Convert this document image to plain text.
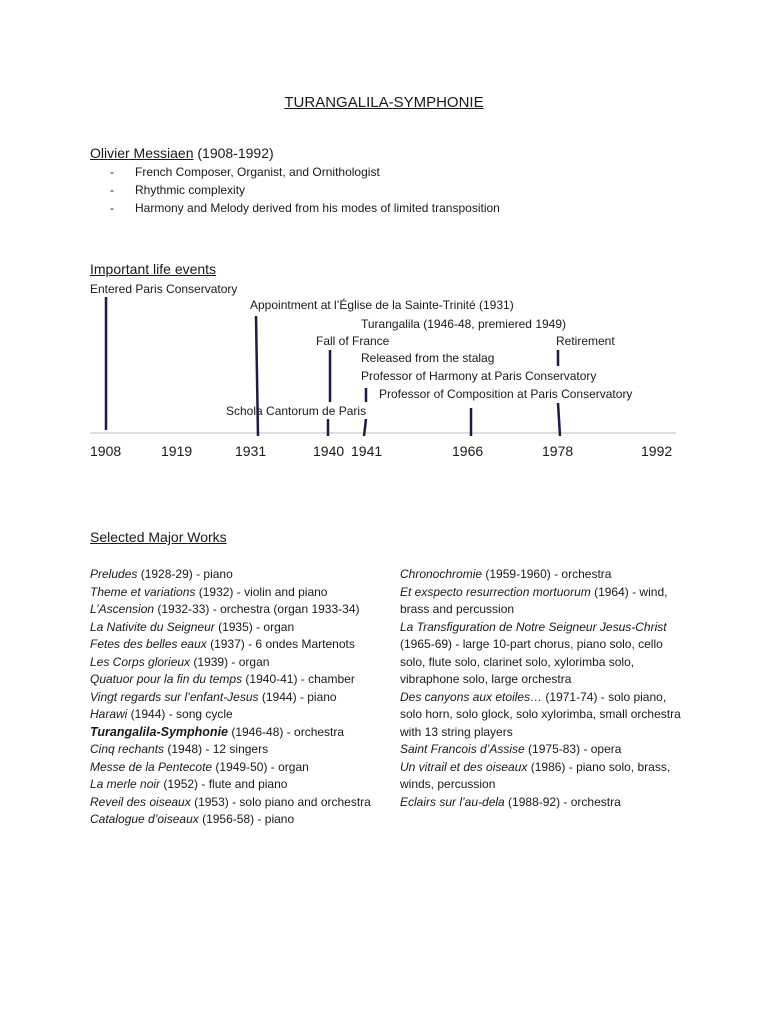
TURANGALILA-SYMPHONIE
Olivier Messiaen (1908-1992)
-	French Composer, Organist, and Ornithologist
-	Rhythmic complexity
-	Harmony and Melody derived from his modes of limited transposition
Important life events
Entered Paris Conservatory
Appointment at l’Église de la Sainte-Trinité (1931)
Turangalila (1946-48, premiered 1949)
Fall of France	Retirement
Released from the stalag
Professor of Harmony at Paris Conservatory
Professor of Composition at Paris Conservatory
Schola Cantorum de Paris
1908	1919	1931	1940 1941	1966	1978	1992
Selected Major Works
Preludes (1928-29) - piano
Theme et variations (1932) - violin and piano
L’Ascension (1932-33) - orchestra (organ 1933-34)
La Nativite du Seigneur (1935) - organ
Fetes des belles eaux (1937) - 6 ondes Martenots
Les Corps glorieux (1939) - organ
Quatuor pour la fin du temps (1940-41) - chamber
Vingt regards sur l’enfant-Jesus (1944) - piano
Harawi (1944) - song cycle
Turangalila-Symphonie (1946-48) - orchestra
Cinq rechants (1948) - 12 singers
Messe de la Pentecote (1949-50) - organ
La merle noir (1952) - flute and piano
Reveil des oiseaux (1953) - solo piano and orchestra
Catalogue d’oiseaux (1956-58) - piano
Chronochromie (1959-1960) - orchestra
Et exspecto resurrection mortuorum (1964) - wind, brass and percussion
La Transfiguration de Notre Seigneur Jesus-Christ (1965-69) - large 10-part chorus, piano solo, cello solo, flute solo, clarinet solo, xylorimba solo, vibraphone solo, large orchestra
Des canyons aux etoiles… (1971-74) - solo piano, solo horn, solo glock, solo xylorimba, small orchestra with 13 string players
Saint Francois d’Assise (1975-83) - opera
Un vitrail et des oiseaux (1986) - piano solo, brass, winds, percussion
Eclairs sur l’au-dela (1988-92) - orchestra
